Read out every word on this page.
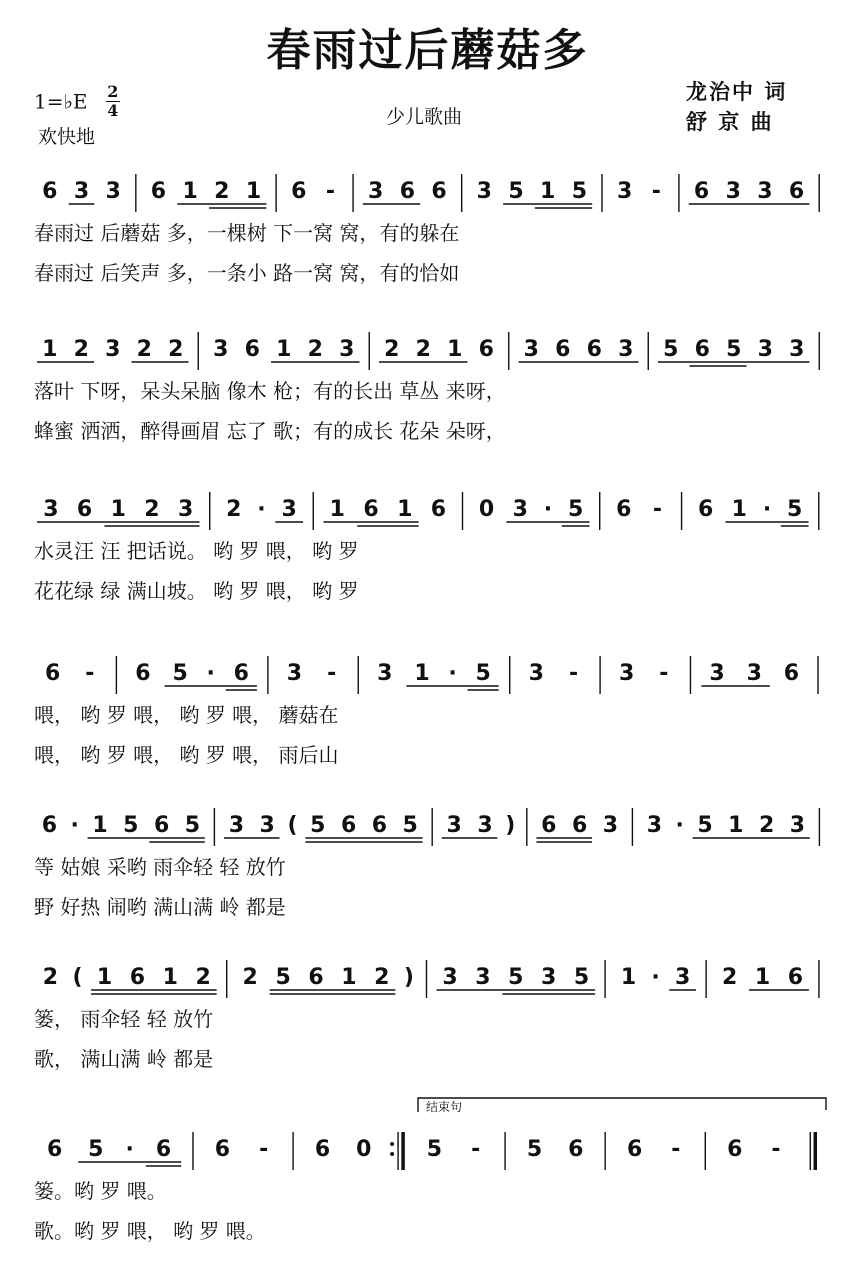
春雨过后蘑菇多
1=♭E $\frac{2}{4}$
欢快地
少儿歌曲
龙治中 词
舒 京 曲
6 3 3 6 1 2 1 6 - 3 6 6 3 5 1 5 3 - 6 3 3 6
春雨过 后蘑菇 多，一棵树 下一窝 窝，有的躲在
春雨过 后笑声 多，一条小 路一窝 窝，有的恰如
1 2 3 2 2 3 6 1 2 3 2 2 1 6 3 6 6 3 5 6 5 3 3
落叶 下呀，呆头呆脑 像木 枪；有的长出 草丛 来呀，
蜂蜜 洒洒，醉得画眉 忘了 歌；有的成长 花朵 朵呀，
3 6 1 2 3 2 · 3 1 6 1 6 0 3 · 5 6 - 6 1 · 5
水灵汪 汪 把话说。 哟 罗 喂， 哟 罗
花花绿 绿 满山坡。 哟 罗 喂， 哟 罗
6 - 6 5 · 6 3 - 3 1 · 5 3 - 3 - 3 3 6
喂， 哟 罗 喂， 哟 罗 喂， 蘑菇在
喂， 哟 罗 喂， 哟 罗 喂， 雨后山
6 · 1 5 6 5 3 3 ( 5 6 6 5 3 3 ) 6 6 3 3 · 5 1 2 3
等 姑娘 采哟 雨伞轻 轻 放竹
野 好热 闹哟 满山满 岭 都是
2 ( 1 6 1 2 2 5 6 1 2 ) 3 3 5 3 5 1 · 3 2 1 6
篓， 雨伞轻 轻 放竹
歌， 满山满 岭 都是
6 5 · 6 6 - 6 0	5 - 5 6 6 - 6 -
篓。哟 罗 喂。
歌。哟 罗 喂， 哟 罗 喂。
结束句
